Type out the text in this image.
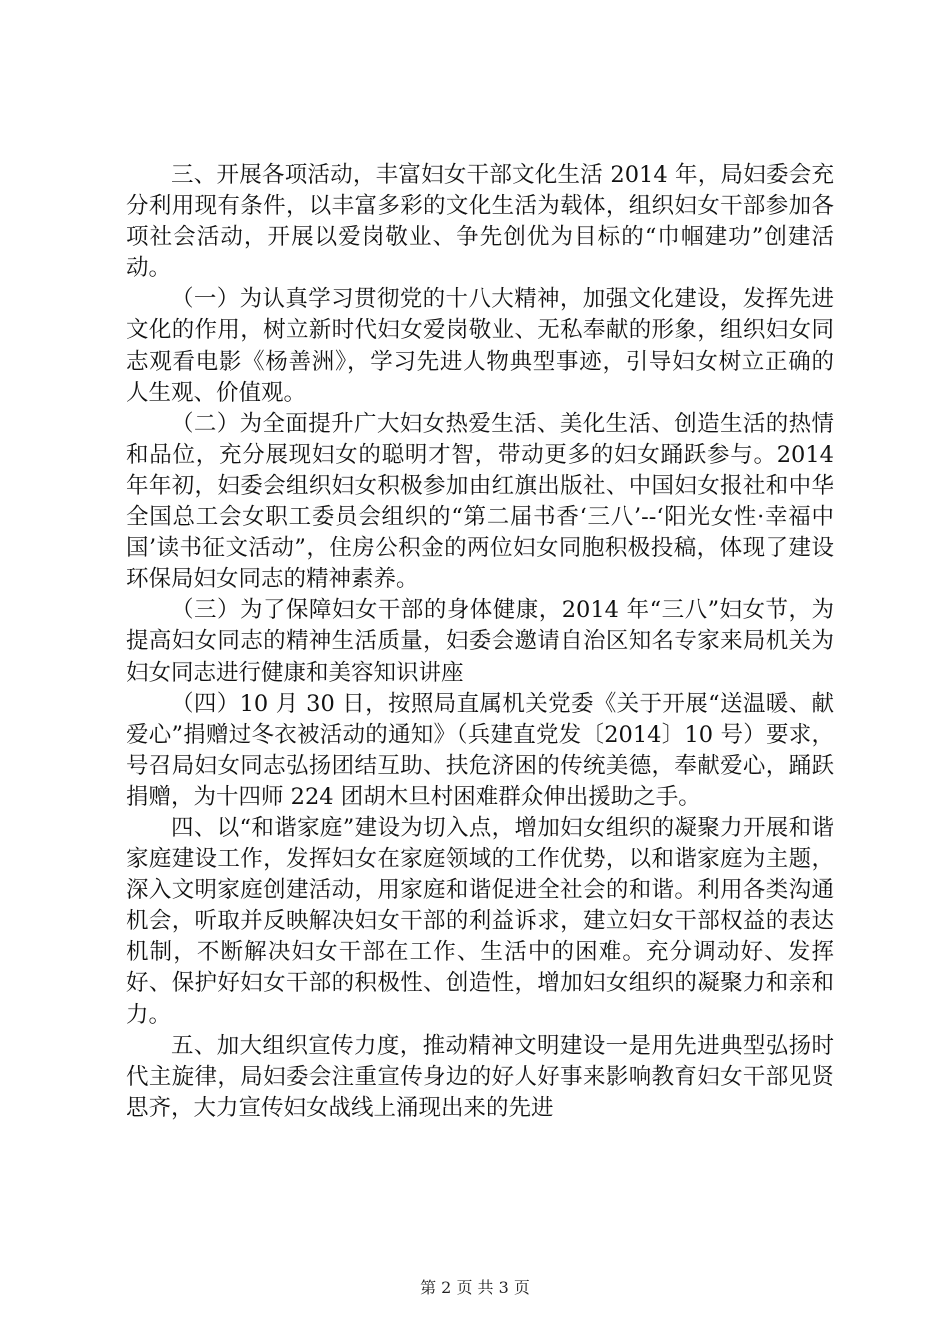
三、开展各项活动，丰富妇女干部文化生活 2014 年，局妇委会充分利用现有条件，以丰富多彩的文化生活为载体，组织妇女干部参加各项社会活动，开展以爱岗敬业、争先创优为目标的“巾帼建功”创建活动。

（一）为认真学习贯彻党的十八大精神，加强文化建设，发挥先进文化的作用，树立新时代妇女爱岗敬业、无私奉献的形象，组织妇女同志观看电影《杨善洲》，学习先进人物典型事迹，引导妇女树立正确的人生观、价值观。

（二）为全面提升广大妇女热爱生活、美化生活、创造生活的热情和品位，充分展现妇女的聪明才智，带动更多的妇女踊跃参与。2014 年年初，妇委会组织妇女积极参加由红旗出版社、中国妇女报社和中华全国总工会女职工委员会组织的“第二届书香‘三八’--‘阳光女性·幸福中国’读书征文活动”，住房公积金的两位妇女同胞积极投稿，体现了建设环保局妇女同志的精神素养。

（三）为了保障妇女干部的身体健康，2014 年“三八”妇女节，为提高妇女同志的精神生活质量，妇委会邀请自治区知名专家来局机关为妇女同志进行健康和美容知识讲座

（四）10 月 30 日，按照局直属机关党委《关于开展“送温暖、献爱心”捐赠过冬衣被活动的通知》（兵建直党发〔2014〕10 号）要求，号召局妇女同志弘扬团结互助、扶危济困的传统美德，奉献爱心，踊跃捐赠，为十四师 224 团胡木旦村困难群众伸出援助之手。

四、以“和谐家庭”建设为切入点，增加妇女组织的凝聚力开展和谐家庭建设工作，发挥妇女在家庭领域的工作优势，以和谐家庭为主题，深入文明家庭创建活动，用家庭和谐促进全社会的和谐。利用各类沟通机会，听取并反映解决妇女干部的利益诉求，建立妇女干部权益的表达机制，不断解决妇女干部在工作、生活中的困难。充分调动好、发挥好、保护好妇女干部的积极性、创造性，增加妇女组织的凝聚力和亲和力。

五、加大组织宣传力度，推动精神文明建设一是用先进典型弘扬时代主旋律，局妇委会注重宣传身边的好人好事来影响教育妇女干部见贤思齐，大力宣传妇女战线上涌现出来的先进

第 2 页 共 3 页
